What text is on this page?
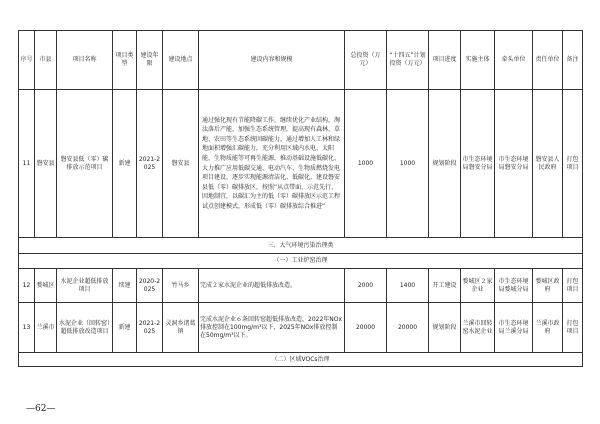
序号	市县	项目名称	项目类型	建设年限	建设地点	建设内容和规模	总投资（万元）	“十四五”计划投资（万元）	项目进度	实施主体	牵头单位	责任单位	备注
11	磐安县	磐安县低（零）碳排放示范项目	新建	2021-2025	磐安县	通过强化现有节能降碳工作，继续优化产业结构，淘汰落后产能，加强生态系统管理，提高现有森林、草地、农田等生态系统固碳能力，通过增加人工林和绿地面积增强汇碳能力，充分利用区域内水电、太阳能、生物质能等可再生能源，推动基础设施低碳化、大力推广应用低碳交通、电动汽车、生物质燃烧发电项目建设，逐步实现能源清洁化、低碳化，建设磐安县低（零）碳排放区，按照“从点带面、示范先行、因地制宜，以碳汇为主的低（零）碳排放区示范工程试点创建模式，形成低（零）碳排放综合推进”	1000	1000	规划阶段	市生态环境局磐安分局	市生态环境局磐安分局	磐安县人民政府	打包项目
三、大气环境污染治理类													
（一）工业炉窑治理													
12	婺城区	水泥企业超低排放项目	续建	2020-2025	竹马乡	完成２家水泥企业的超低排放改造。	2000	1400	开工建设	婺城区２家企业	市生态环境局婺城分局	婺城区政府	打包项目
13	兰溪市	水泥企业（回转窑）超低排放改造项目	新建	2021-2025	灵洞乡诸葛镇	完成水泥企业６条回转窑超低排放改造，2022年NOx排放控制在100mg/m³以下，2025年NOx排放控制在50mg/m³以下。	20000	20000	规划阶段	兰溪市回转窑水泥企业	市生态环境局兰溪分局	兰溪市政府	打包项目
（二）区域VOCs治理													
—62—
